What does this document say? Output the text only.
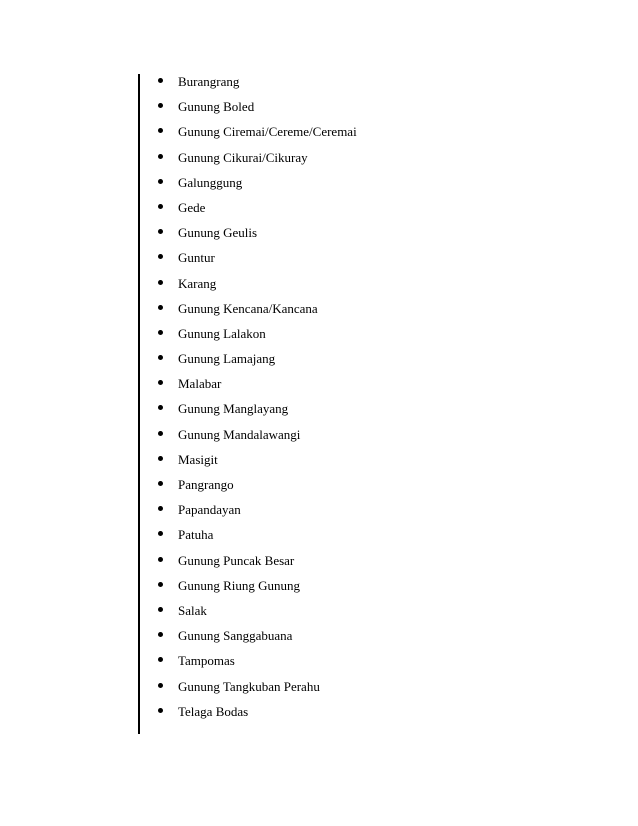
Burangrang
Gunung Boled
Gunung Ciremai/Cereme/Ceremai
Gunung Cikurai/Cikuray
Galunggung
Gede
Gunung Geulis
Guntur
Karang
Gunung Kencana/Kancana
Gunung Lalakon
Gunung Lamajang
Malabar
Gunung Manglayang
Gunung Mandalawangi
Masigit
Pangrango
Papandayan
Patuha
Gunung Puncak Besar
Gunung Riung Gunung
Salak
Gunung Sanggabuana
Tampomas
Gunung Tangkuban Perahu
Telaga Bodas
